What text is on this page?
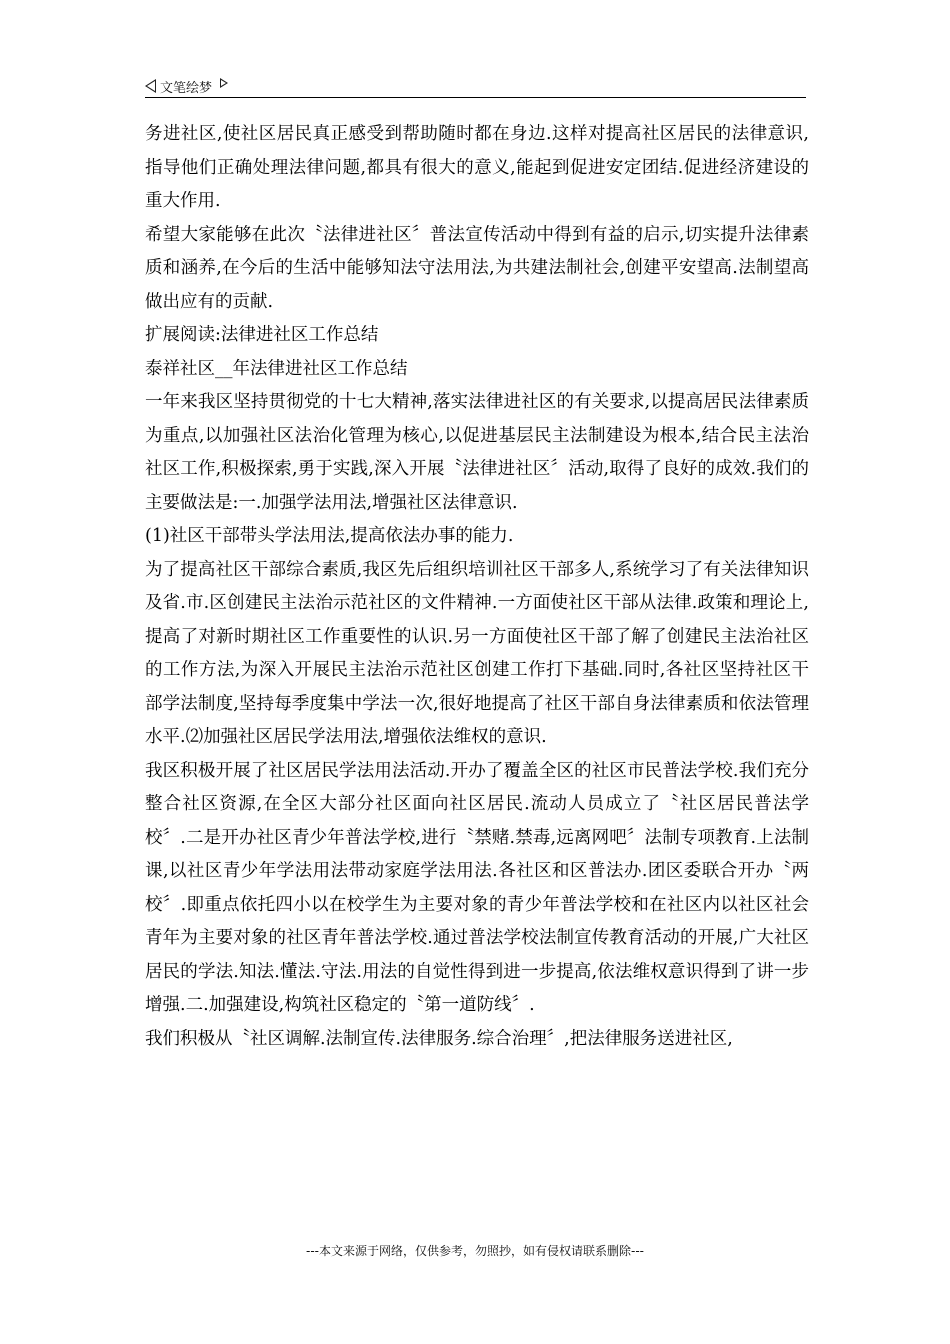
文笔绘梦

务进社区,使社区居民真正感受到帮助随时都在身边.这样对提高社区居民的法律意识,指导他们正确处理法律问题,都具有很大的意义,能起到促进安定团结.促进经济建设的重大作用.

希望大家能够在此次〝法律进社区〞普法宣传活动中得到有益的启示,切实提升法律素质和涵养,在今后的生活中能够知法守法用法,为共建法制社会,创建平安望高.法制望高做出应有的贡献.

扩展阅读:法律进社区工作总结

泰祥社区__年法律进社区工作总结

一年来我区坚持贯彻党的十七大精神,落实法律进社区的有关要求,以提高居民法律素质为重点,以加强社区法治化管理为核心,以促进基层民主法制建设为根本,结合民主法治社区工作,积极探索,勇于实践,深入开展〝法律进社区〞活动,取得了良好的成效.我们的主要做法是:一.加强学法用法,增强社区法律意识.

(1)社区干部带头学法用法,提高依法办事的能力.

为了提高社区干部综合素质,我区先后组织培训社区干部多人,系统学习了有关法律知识及省.市.区创建民主法治示范社区的文件精神.一方面使社区干部从法律.政策和理论上,提高了对新时期社区工作重要性的认识.另一方面使社区干部了解了创建民主法治社区的工作方法,为深入开展民主法治示范社区创建工作打下基础.同时,各社区坚持社区干部学法制度,坚持每季度集中学法一次,很好地提高了社区干部自身法律素质和依法管理水平.⑵加强社区居民学法用法,增强依法维权的意识.

我区积极开展了社区居民学法用法活动.开办了覆盖全区的社区市民普法学校.我们充分整合社区资源,在全区大部分社区面向社区居民.流动人员成立了〝社区居民普法学校〞.二是开办社区青少年普法学校,进行〝禁赌.禁毒,远离网吧〞法制专项教育.上法制课,以社区青少年学法用法带动家庭学法用法.各社区和区普法办.团区委联合开办〝两校〞.即重点依托四小以在校学生为主要对象的青少年普法学校和在社区内以社区社会青年为主要对象的社区青年普法学校.通过普法学校法制宣传教育活动的开展,广大社区居民的学法.知法.懂法.守法.用法的自觉性得到进一步提高,依法维权意识得到了讲一步增强.二.加强建设,构筑社区稳定的〝第一道防线〞.

我们积极从〝社区调解.法制宣传.法律服务.综合治理〞,把法律服务送进社区,

---本文来源于网络，仅供参考，勿照抄，如有侵权请联系删除---
